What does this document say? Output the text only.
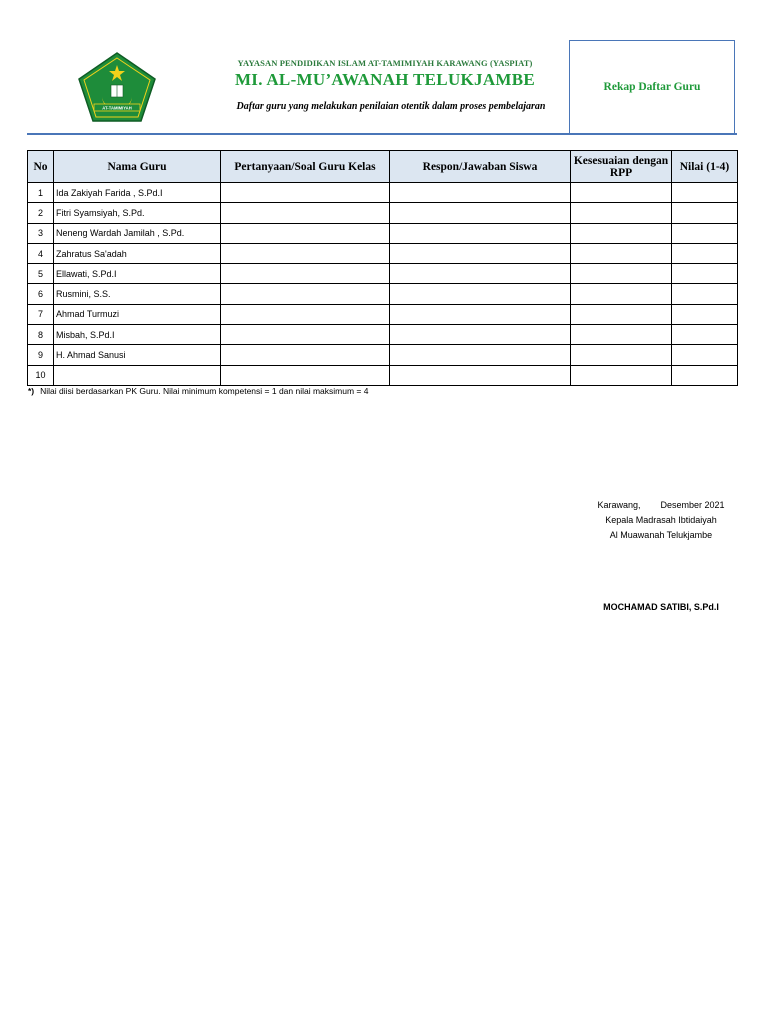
AT-TAMIMIYAH
YAYASAN PENDIDIKAN ISLAM AT-TAMIMIYAH KARAWANG (YASPIAT)
MI. AL-MU’AWANAH TELUKJAMBE
Daftar guru yang melakukan penilaian otentik dalam proses pembelajaran
Rekap Daftar Guru
No	Nama Guru	Pertanyaan/Soal Guru Kelas	Respon/Jawaban Siswa	Kesesuaian dengan RPP	Nilai (1-4)
1	Ida Zakiyah Farida , S.Pd.I				
2	Fitri Syamsiyah, S.Pd.				
3	Neneng Wardah Jamilah , S.Pd.				
4	Zahratus Sa'adah				
5	Ellawati, S.Pd.I				
6	Rusmini, S.S.				
7	Ahmad Turmuzi				
8	Misbah, S.Pd.I				
9	H. Ahmad Sanusi				
10					
*) Nilai diisi berdasarkan PK Guru. Nilai minimum kompetensi = 1 dan nilai maksimum = 4
Karawang, Desember 2021
Kepala Madrasah Ibtidaiyah
Al Muawanah Telukjambe
MOCHAMAD SATIBI, S.Pd.I
